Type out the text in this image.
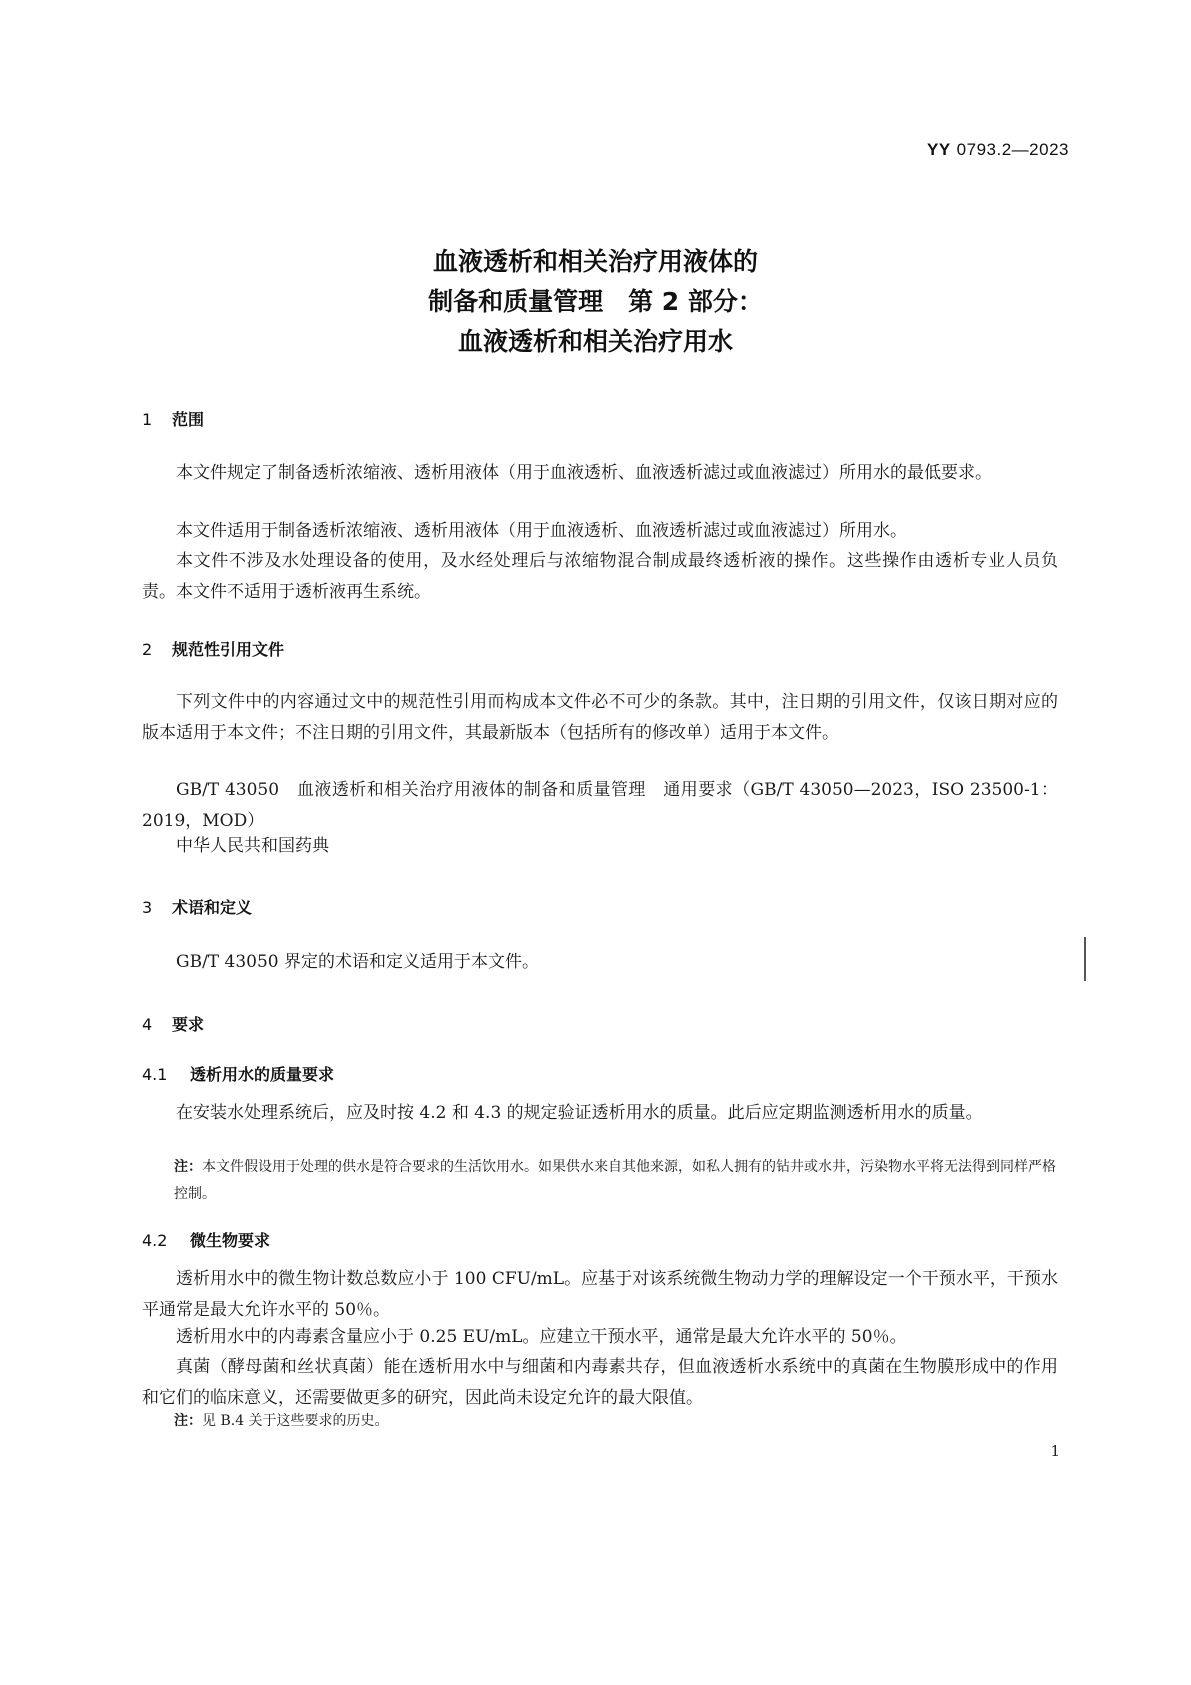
YY 0793.2—2023
血液透析和相关治疗用液体的
制备和质量管理　第 2 部分：
血液透析和相关治疗用水
1 范围
本文件规定了制备透析浓缩液、透析用液体（用于血液透析、血液透析滤过或血液滤过）所用水的最低要求。
本文件适用于制备透析浓缩液、透析用液体（用于血液透析、血液透析滤过或血液滤过）所用水。
本文件不涉及水处理设备的使用，及水经处理后与浓缩物混合制成最终透析液的操作。这些操作由透析专业人员负责。本文件不适用于透析液再生系统。
2 规范性引用文件
下列文件中的内容通过文中的规范性引用而构成本文件必不可少的条款。其中，注日期的引用文件，仅该日期对应的版本适用于本文件；不注日期的引用文件，其最新版本（包括所有的修改单）适用于本文件。
GB/T 43050　血液透析和相关治疗用液体的制备和质量管理　通用要求（GB/T 43050—2023，ISO 23500-1：2019，MOD）
中华人民共和国药典
3 术语和定义
GB/T 43050 界定的术语和定义适用于本文件。
4 要求
4.1 透析用水的质量要求
在安装水处理系统后，应及时按 4.2 和 4.3 的规定验证透析用水的质量。此后应定期监测透析用水的质量。
注：本文件假设用于处理的供水是符合要求的生活饮用水。如果供水来自其他来源，如私人拥有的钻井或水井，污染物水平将无法得到同样严格控制。
4.2 微生物要求
透析用水中的微生物计数总数应小于 100 CFU/mL。应基于对该系统微生物动力学的理解设定一个干预水平，干预水平通常是最大允许水平的 50％。
透析用水中的内毒素含量应小于 0.25 EU/mL。应建立干预水平，通常是最大允许水平的 50％。
真菌（酵母菌和丝状真菌）能在透析用水中与细菌和内毒素共存，但血液透析水系统中的真菌在生物膜形成中的作用和它们的临床意义，还需要做更多的研究，因此尚未设定允许的最大限值。
注：见 B.4 关于这些要求的历史。
1
